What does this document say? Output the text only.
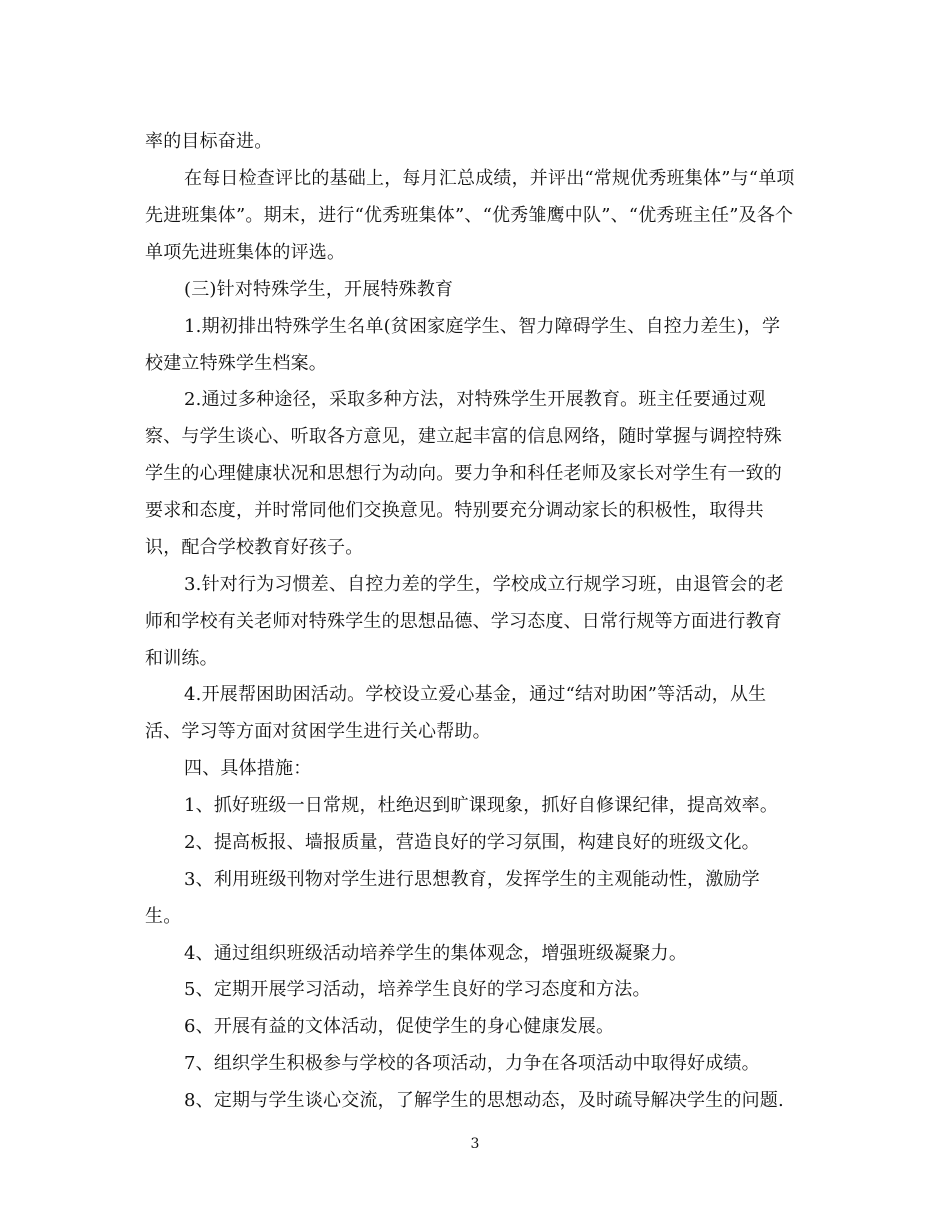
率的目标奋进。
在每日检查评比的基础上，每月汇总成绩，并评出“常规优秀班集体”与“单项
先进班集体”。期末，进行“优秀班集体”、“优秀雏鹰中队”、“优秀班主任”及各个
单项先进班集体的评选。
(三)针对特殊学生，开展特殊教育
1.期初排出特殊学生名单(贫困家庭学生、智力障碍学生、自控力差生)，学
校建立特殊学生档案。
2.通过多种途径，采取多种方法，对特殊学生开展教育。班主任要通过观
察、与学生谈心、听取各方意见，建立起丰富的信息网络，随时掌握与调控特殊
学生的心理健康状况和思想行为动向。要力争和科任老师及家长对学生有一致的
要求和态度，并时常同他们交换意见。特别要充分调动家长的积极性，取得共
识，配合学校教育好孩子。
3.针对行为习惯差、自控力差的学生，学校成立行规学习班，由退管会的老
师和学校有关老师对特殊学生的思想品德、学习态度、日常行规等方面进行教育
和训练。
4.开展帮困助困活动。学校设立爱心基金，通过“结对助困”等活动，从生
活、学习等方面对贫困学生进行关心帮助。
四、具体措施：
1、抓好班级一日常规，杜绝迟到旷课现象，抓好自修课纪律，提高效率。
2、提高板报、墙报质量，营造良好的学习氛围，构建良好的班级文化。
3、利用班级刊物对学生进行思想教育，发挥学生的主观能动性，激励学
生。
4、通过组织班级活动培养学生的集体观念，增强班级凝聚力。
5、定期开展学习活动，培养学生良好的学习态度和方法。
6、开展有益的文体活动，促使学生的身心健康发展。
7、组织学生积极参与学校的各项活动，力争在各项活动中取得好成绩。
8、定期与学生谈心交流，了解学生的思想动态，及时疏导解决学生的问题.
3
